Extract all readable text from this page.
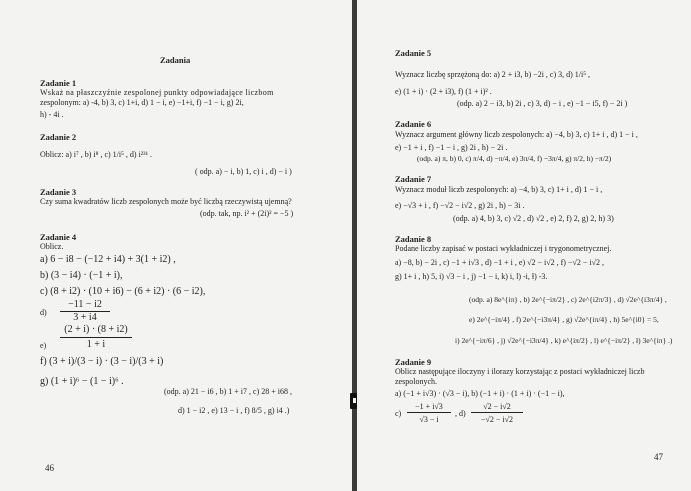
Zadania
Zadanie 1
Wskaż na płaszczyźnie zespolonej punkty odpowiadające liczbom
zespolonym: a) -4, b) 3, c) 1+i, d) 1 − i, e) −1+i, f) −1 − i, g) 2i,
h) - 4i .
Zadanie 2
Oblicz: a) i⁷ , b) i⁸ , c) 1/i⁵ , d) i²³¹ .
( odp. a) − i, b) 1, c) i , d) − i )
Zadanie 3
Czy suma kwadratów liczb zespolonych może być liczbą rzeczywistą ujemną?
(odp. tak, np. i² + (2i)² = −5 )
Zadanie 4
Oblicz.
a) 6 − i8 − (−12 + i4) + 3(1 + i2) ,
b) (3 − i4) · (−1 + i),
c) (8 + i2) · (10 + i6) − (6 + i2) · (6 − i2),
d)
−11 − i2
3 + i4
e)
(2 + i) · (8 + i2)
1 + i
f) (3 + i)/(3 − i) · (3 − i)/(3 + i)
g) (1 + i)⁶ − (1 − i)⁶ .
(odp. a) 21 − i6 , b) 1 + i7 , c) 28 + i68 ,
d) 1 − i2 , e) 13 − i , f) 8/5 , g) i4 .)
46
Zadanie 5
Wyznacz liczbę sprzężoną do: a) 2 + i3, b) −2i , c) 3, d) 1/i⁵ ,
e) (1 + i) · (2 + i3), f) (1 + i)² .
(odp. a) 2 − i3, b) 2i , c) 3, d) − i , e) −1 − i5, f) − 2i )
Zadanie 6
Wyznacz argument główny liczb zespolonych: a) −4, b) 3, c) 1+ i , d) 1 − i ,
e) −1 + i , f) −1 − i , g) 2i , h) − 2i .
(odp. a) π, b) 0, c) π/4, d) −π/4, e) 3π/4, f) −3π/4, g) π/2, h) −π/2)
Zadanie 7
Wyznacz moduł liczb zespolonych: a) −4, b) 3, c) 1+ i , d) 1 − i ,
e) −√3 + i , f) −√2 − i√2 , g) 2i , h) − 3i .
(odp. a) 4, b) 3, c) √2 , d) √2 , e) 2, f) 2, g) 2, h) 3)
Zadanie 8
Podane liczby zapisać w postaci wykładniczej i trygonometrycznej.
a) −8, b) − 2i , c) −1 + i√3 , d) −1 + i , e) √2 − i√2 , f) −√2 − i√2 ,
g) 1+ i , h) 5, i) √3 − i , j) −1 − i, k) i, l) -i, ł) -3.
(odp. a) 8e^{iπ} , b) 2e^{−iπ/2} , c) 2e^{i2π/3} , d) √2e^{i3π/4} ,
e) 2e^{−iπ/4} , f) 2e^{−i3π/4} , g) √2e^{iπ/4} , h) 5e^{i0} = 5,
i) 2e^{−iπ/6} , j) √2e^{−i3π/4} , k) e^{iπ/2} , l) e^{−iπ/2} , ł) 3e^{iπ} .)
Zadanie 9
Oblicz następujące iloczyny i ilorazy korzystając z postaci wykładniczej liczb
zespolonych.
a) (−1 + i√3) · (√3 − i), b) (−1 + i) · (1 + i) · (−1 − i),
c)
−1 + i√3
√3 − i
, d)
√2 − i√2
−√2 − i√2
47
